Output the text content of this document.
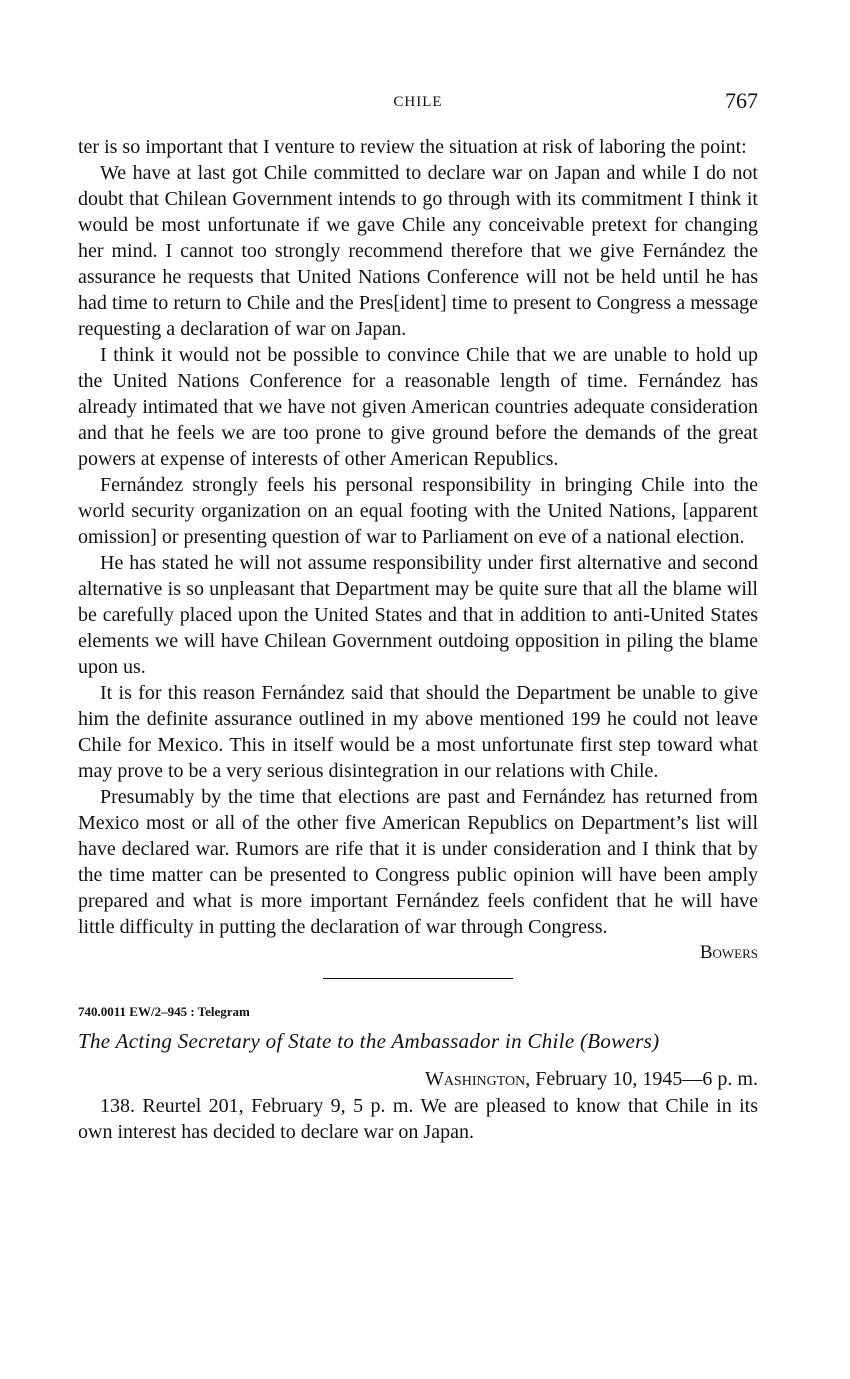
CHILE	767

ter is so important that I venture to review the situation at risk of laboring the point:

We have at last got Chile committed to declare war on Japan and while I do not doubt that Chilean Government intends to go through with its commitment I think it would be most unfortunate if we gave Chile any conceivable pretext for changing her mind. I cannot too strongly recommend therefore that we give Fernández the assurance he requests that United Nations Conference will not be held until he has had time to return to Chile and the Pres[ident] time to present to Congress a message requesting a declaration of war on Japan.

I think it would not be possible to convince Chile that we are unable to hold up the United Nations Conference for a reasonable length of time. Fernández has already intimated that we have not given American countries adequate consideration and that he feels we are too prone to give ground before the demands of the great powers at expense of interests of other American Republics.

Fernández strongly feels his personal responsibility in bringing Chile into the world security organization on an equal footing with the United Nations, [apparent omission] or presenting question of war to Parliament on eve of a national election.

He has stated he will not assume responsibility under first alternative and second alternative is so unpleasant that Department may be quite sure that all the blame will be carefully placed upon the United States and that in addition to anti-United States elements we will have Chilean Government outdoing opposition in piling the blame upon us.

It is for this reason Fernández said that should the Department be unable to give him the definite assurance outlined in my above mentioned 199 he could not leave Chile for Mexico. This in itself would be a most unfortunate first step toward what may prove to be a very serious disintegration in our relations with Chile.

Presumably by the time that elections are past and Fernández has returned from Mexico most or all of the other five American Republics on Department’s list will have declared war. Rumors are rife that it is under consideration and I think that by the time matter can be presented to Congress public opinion will have been amply prepared and what is more important Fernández feels confident that he will have little difficulty in putting the declaration of war through Congress.

Bowers
740.0011 EW/2–945 : Telegram
The Acting Secretary of State to the Ambassador in Chile (Bowers)
Washington, February 10, 1945—6 p. m.

138. Reurtel 201, February 9, 5 p. m. We are pleased to know that Chile in its own interest has decided to declare war on Japan.
